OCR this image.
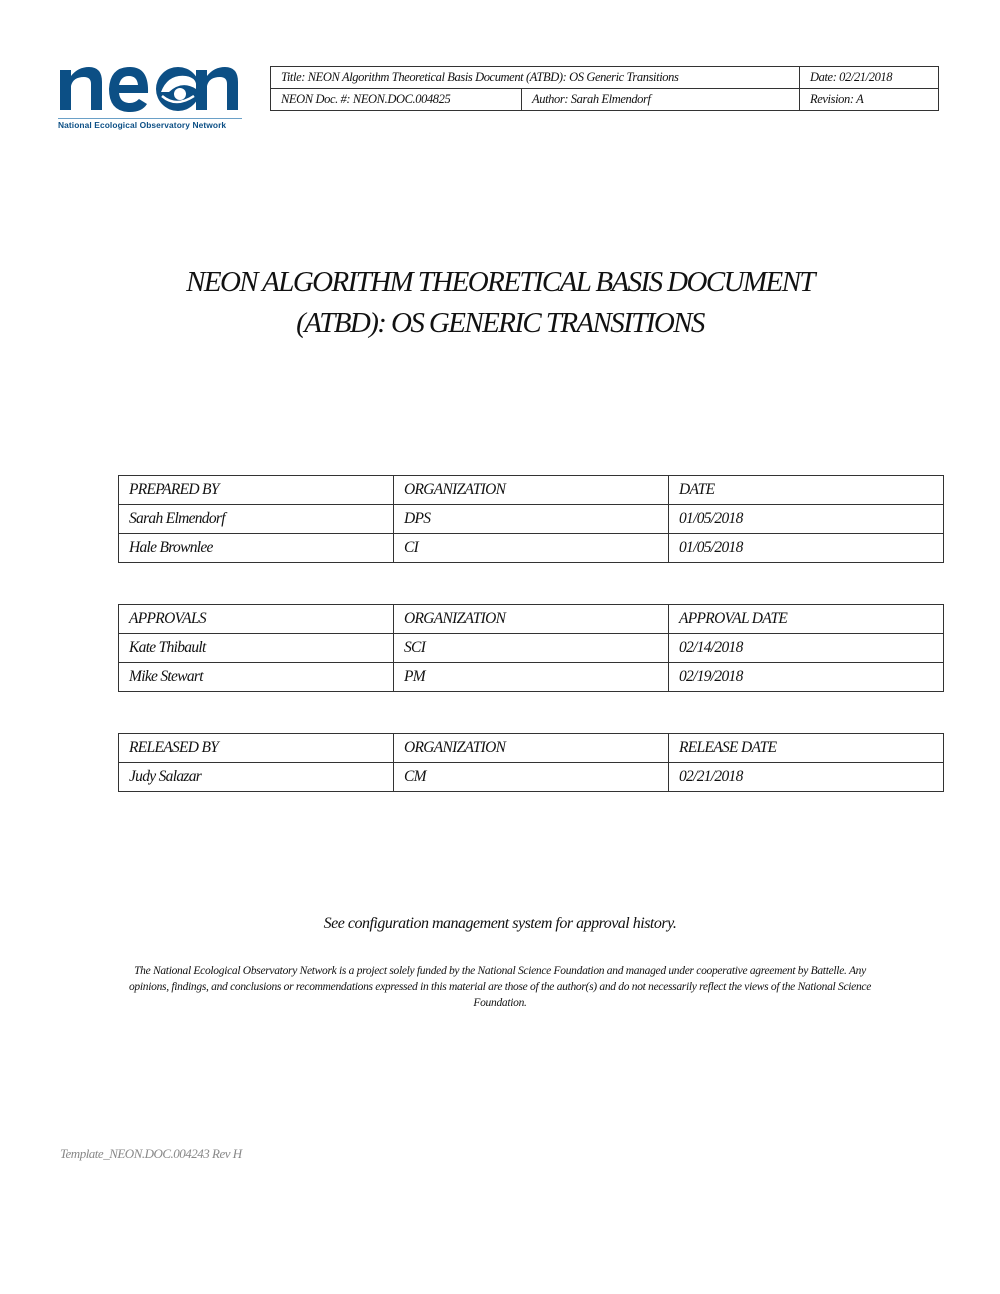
National Ecological Observatory Network
Title: NEON Algorithm Theoretical Basis Document (ATBD): OS Generic Transitions		Date: 02/21/2018
NEON Doc. #: NEON.DOC.004825	Author: Sarah Elmendorf	Revision: A
NEON ALGORITHM THEORETICAL BASIS DOCUMENT
(ATBD): OS GENERIC TRANSITIONS
PREPARED BY	ORGANIZATION	DATE
Sarah Elmendorf	DPS	01/05/2018
Hale Brownlee	CI	01/05/2018
APPROVALS	ORGANIZATION	APPROVAL DATE
Kate Thibault	SCI	02/14/2018
Mike Stewart	PM	02/19/2018
RELEASED BY	ORGANIZATION	RELEASE DATE
Judy Salazar	CM	02/21/2018
See configuration management system for approval history.
The National Ecological Observatory Network is a project solely funded by the National Science Foundation and managed under cooperative agreement by Battelle. Any opinions, findings, and conclusions or recommendations expressed in this material are those of the author(s) and do not necessarily reflect the views of the National Science Foundation.
Template_NEON.DOC.004243 Rev H
